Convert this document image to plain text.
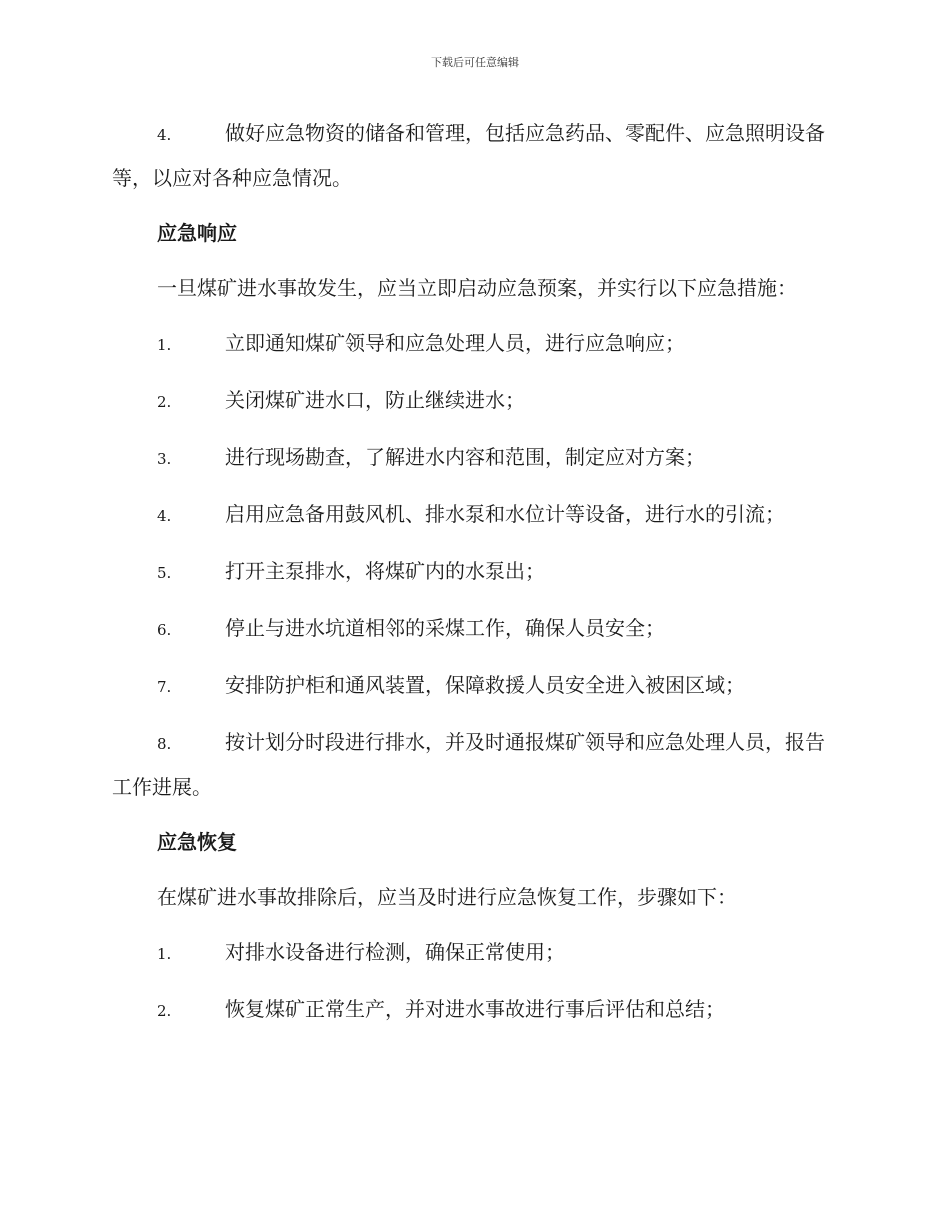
下载后可任意编辑
4.	做好应急物资的储备和管理，包括应急药品、零配件、应急照明设备等，以应对各种应急情况。
应急响应
一旦煤矿进水事故发生，应当立即启动应急预案，并实行以下应急措施：
1.	立即通知煤矿领导和应急处理人员，进行应急响应；
2.	关闭煤矿进水口，防止继续进水；
3.	进行现场勘查，了解进水内容和范围，制定应对方案；
4.	启用应急备用鼓风机、排水泵和水位计等设备，进行水的引流；
5.	打开主泵排水，将煤矿内的水泵出；
6.	停止与进水坑道相邻的采煤工作，确保人员安全；
7.	安排防护柜和通风装置，保障救援人员安全进入被困区域；
8.	按计划分时段进行排水，并及时通报煤矿领导和应急处理人员，报告工作进展。
应急恢复
在煤矿进水事故排除后，应当及时进行应急恢复工作，步骤如下：
1.	对排水设备进行检测，确保正常使用；
2.	恢复煤矿正常生产，并对进水事故进行事后评估和总结；
